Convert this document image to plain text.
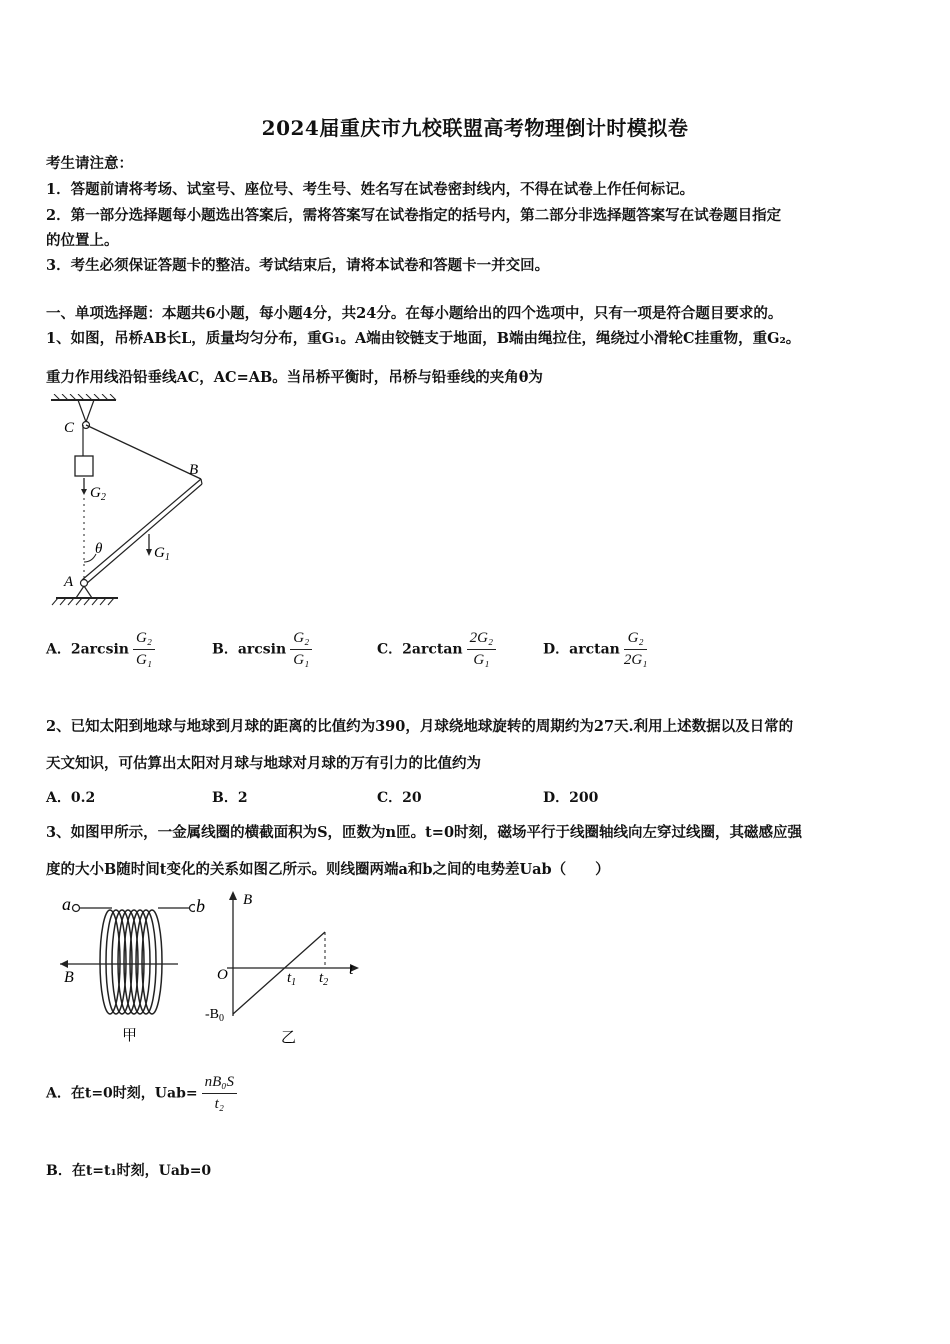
2024届重庆市九校联盟高考物理倒计时模拟卷
考生请注意：
1．答题前请将考场、试室号、座位号、考生号、姓名写在试卷密封线内，不得在试卷上作任何标记。
2．第一部分选择题每小题选出答案后，需将答案写在试卷指定的括号内，第二部分非选择题答案写在试卷题目指定
的位置上。
3．考生必须保证答题卡的整洁。考试结束后，请将本试卷和答题卡一并交回。
一、单项选择题：本题共6小题，每小题4分，共24分。在每小题给出的四个选项中，只有一项是符合题目要求的。
1、如图，吊桥AB长L，质量均匀分布，重G₁。A端由铰链支于地面，B端由绳拉住，绳绕过小滑轮C挂重物，重G₂。
重力作用线沿铅垂线AC，AC=AB。当吊桥平衡时，吊桥与铅垂线的夹角θ为
C
B
$G_2$
θ	$G_1$
A
A．$2\arcsin \frac{\text{G₂}}{\text{G₁}}$	B．$\arcsin \frac{\text{G₂}}{\text{G₁}}$	C．$2\arctan \frac{\text{2G₂}}{\text{G₁}}$	D．$\arctan \frac{\text{G₂}}{\text{2G₁}}$
2、已知太阳到地球与地球到月球的距离的比值约为390，月球绕地球旋转的周期约为27天.利用上述数据以及日常的
天文知识，可估算出太阳对月球与地球对月球的万有引力的比值约为
A．0.2	B．2	C．20	D．200
3、如图甲所示，一金属线圈的横截面积为S，匝数为n匝。t=0时刻，磁场平行于线圈轴线向左穿过线圈，其磁感应强
度的大小B随时间t变化的关系如图乙所示。则线圈两端a和b之间的电势差Uab（　　）
a
B
甲
b	B
O	$t_1$ $t_2$
t
$-B_0$
乙
A．在t=0时刻，$Uab= \frac{\text{nB₀S}}{\text{t₂}}$
B．在t=t₁时刻，Uab=0
